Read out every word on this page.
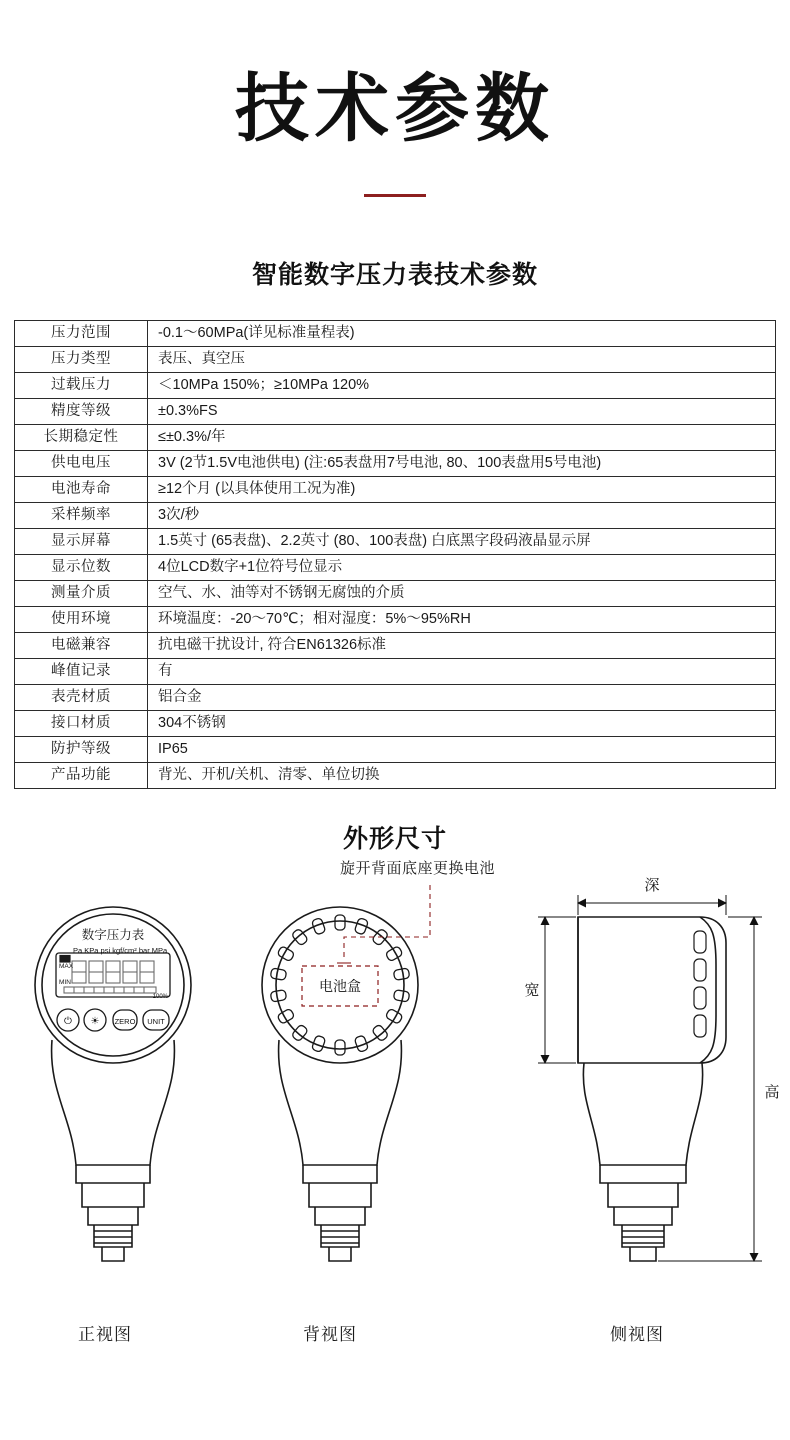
技术参数
智能数字压力表技术参数
压力范围	-0.1～60MPa(详见标准量程表)
压力类型	表压、真空压
过载压力	＜10MPa 150%；≥10MPa 120%
精度等级	±0.3%FS
长期稳定性	≤±0.3%/年
供电电压	3V (2节1.5V电池供电) (注:65表盘用7号电池, 80、100表盘用5号电池)
电池寿命	≥12个月 (以具体使用工况为准)
采样频率	3次/秒
显示屏幕	1.5英寸 (65表盘)、2.2英寸 (80、100表盘) 白底黑字段码液晶显示屏
显示位数	4位LCD数字+1位符号位显示
测量介质	空气、水、油等对不锈钢无腐蚀的介质
使用环境	环境温度：-20～70℃；相对湿度：5%～95%RH
电磁兼容	抗电磁干扰设计, 符合EN61326标准
峰值记录	有
表壳材质	铝合金
接口材质	304不锈钢
防护等级	IP65
产品功能	背光、开机/关机、清零、单位切换
外形尺寸
数字压力表
Pa KPa psi kgf/cm² bar MPa
MAX
MIN
100%
⏻ ☀ ZERO UNIT
电池盒
深
宽
高
旋开背面底座更换电池
正视图	背视图	侧视图
